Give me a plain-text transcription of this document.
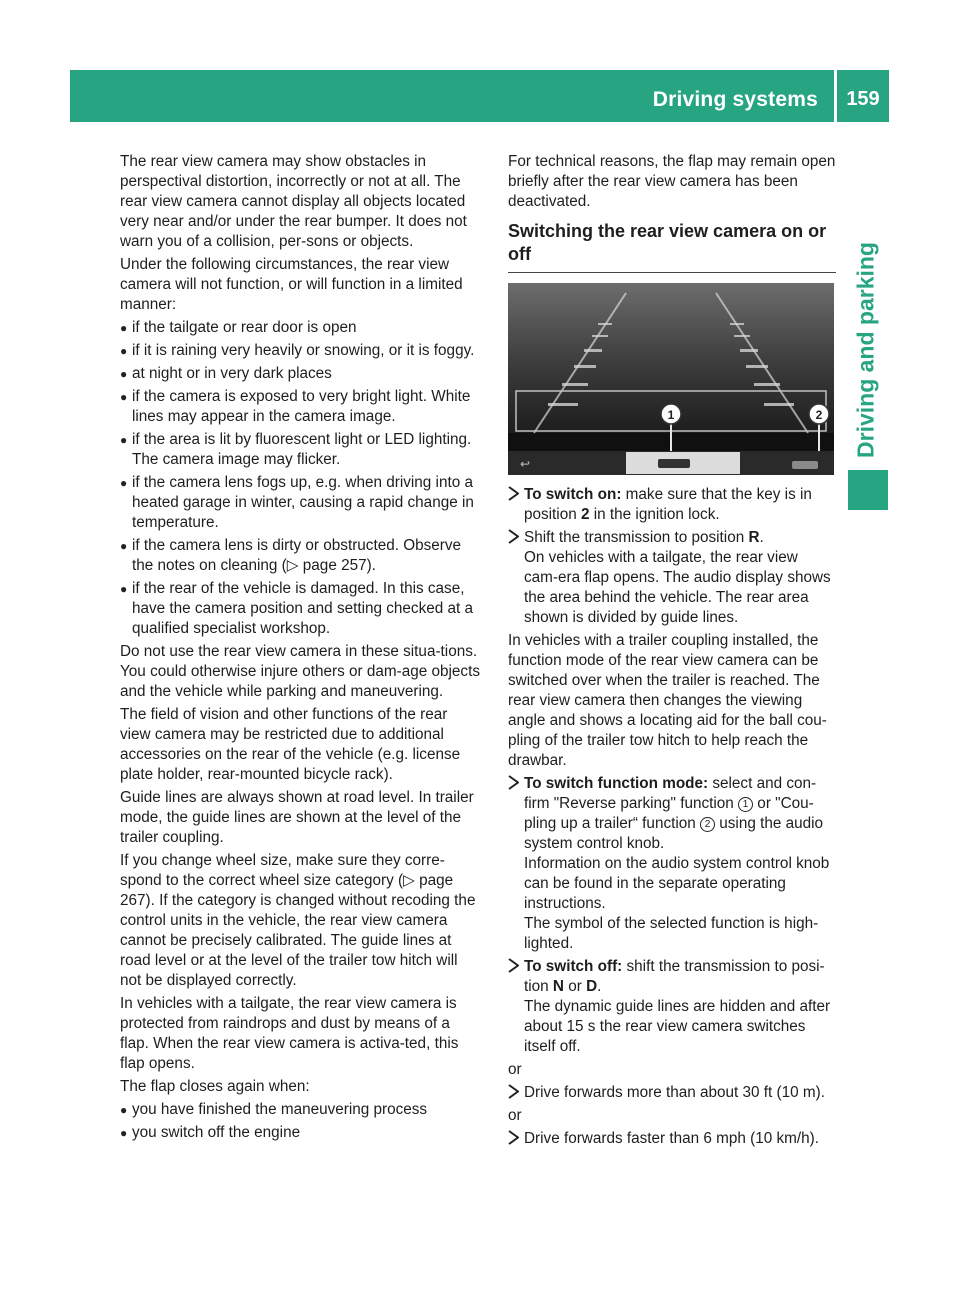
Driving systems	159
Driving and parking

The rear view camera may show obstacles in perspectival distortion, incorrectly or not at all. The rear view camera cannot display all objects located very near and/or under the rear bumper. It does not warn you of a collision, per-sons or objects.

Under the following circumstances, the rear view camera will not function, or will function in a limited manner:

● if the tailgate or rear door is open
● if it is raining very heavily or snowing, or it is foggy.
● at night or in very dark places
● if the camera is exposed to very bright light. White lines may appear in the camera image.
● if the area is lit by fluorescent light or LED lighting. The camera image may flicker.
● if the camera lens fogs up, e.g. when driving into a heated garage in winter, causing a rapid change in temperature.
● if the camera lens is dirty or obstructed. Observe the notes on cleaning (▷ page 257).
● if the rear of the vehicle is damaged. In this case, have the camera position and setting checked at a qualified specialist workshop.

Do not use the rear view camera in these situa-tions. You could otherwise injure others or dam-age objects and the vehicle while parking and maneuvering.

The field of vision and other functions of the rear view camera may be restricted due to additional accessories on the rear of the vehicle (e.g. license plate holder, rear-mounted bicycle rack).

Guide lines are always shown at road level. In trailer mode, the guide lines are shown at the level of the trailer coupling.

If you change wheel size, make sure they corre-spond to the correct wheel size category (▷ page 267). If the category is changed without recoding the control units in the vehicle, the rear view camera cannot be precisely calibrated. The guide lines at road level or at the level of the trailer tow hitch will not be displayed correctly.

In vehicles with a tailgate, the rear view camera is protected from raindrops and dust by means of a flap. When the rear view camera is activa-ted, this flap opens.

The flap closes again when:

● you have finished the maneuvering process
● you switch off the engine

For technical reasons, the flap may remain open briefly after the rear view camera has been deactivated.

Switching the rear view camera on or off
↩
1	2
To switch on: make sure that the key is in position 2 in the ignition lock.
Shift the transmission to position R.
On vehicles with a tailgate, the rear view cam-era flap opens. The audio display shows the area behind the vehicle. The rear area shown is divided by guide lines.

In vehicles with a trailer coupling installed, the function mode of the rear view camera can be switched over when the trailer is reached. The rear view camera then changes the viewing angle and shows a locating aid for the ball cou-pling of the trailer tow hitch to help reach the drawbar.

To switch function mode: select and con-firm "Reverse parking" function 1 or "Cou-pling up a trailer“ function 2 using the audio system control knob.
Information on the audio system control knob can be found in the separate operating instructions.
The symbol of the selected function is high-lighted.
To switch off: shift the transmission to posi-tion N or D.
The dynamic guide lines are hidden and after about 15 s the rear view camera switches itself off.

or

Drive forwards more than about 30 ft (10 m).

or

Drive forwards faster than 6 mph (10 km/h).
